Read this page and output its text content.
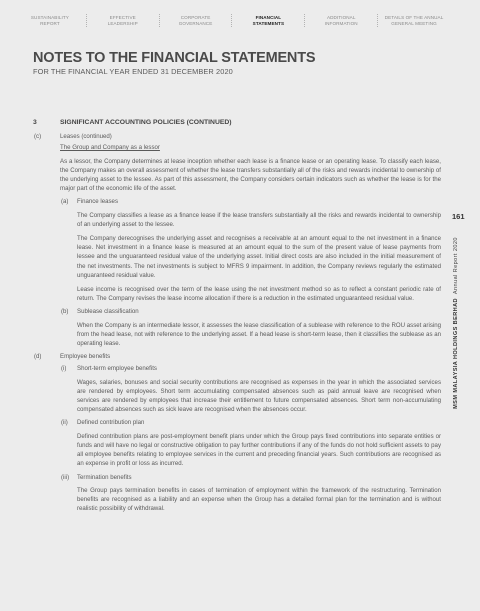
SUSTAINABILITY
REPORT
EFFECTIVE
LEADERSHIP
CORPORATE
GOVERNANCE
FINANCIAL
STATEMENTS
ADDITIONAL
INFORMATION
DETAILS OF THE ANNUAL
GENERAL MEETING
NOTES TO THE FINANCIAL STATEMENTS
FOR THE FINANCIAL YEAR ENDED 31 DECEMBER 2020
161
MSM MALAYSIA HOLDINGS BERHAD  Annual Report 2020
3	SIGNIFICANT ACCOUNTING POLICIES (CONTINUED)
(c)	Leases (continued)
The Group and Company as a lessor

As a lessor, the Company determines at lease inception whether each lease is a finance lease or an operating lease. To classify each lease, the Company makes an overall assessment of whether the lease transfers substantially all of the risks and rewards incidental to ownership of the underlying asset to the lessee. As part of this assessment, the Company considers certain indicators such as whether the lease is for the major part of the economic life of the asset.

(a) Finance leases

The Company classifies a lease as a finance lease if the lease transfers substantially all the risks and rewards incidental to ownership of an underlying asset to the lessee.

The Company derecognises the underlying asset and recognises a receivable at an amount equal to the net investment in a finance lease. Net investment in a finance lease is measured at an amount equal to the sum of the present value of lease payments from lessee and the unguaranteed residual value of the underlying asset. Initial direct costs are also included in the initial measurement of the net investments. The net investments is subject to MFRS 9 impairment. In addition, the Company reviews regularly the estimated unguaranteed residual value.

Lease income is recognised over the term of the lease using the net investment method so as to reflect a constant periodic rate of return. The Company revises the lease income allocation if there is a reduction in the estimated unguaranteed residual value.

(b) Sublease classification

When the Company is an intermediate lessor, it assesses the lease classification of a sublease with reference to the ROU asset arising from the head lease, not with reference to the underlying asset. If a head lease is short-term lease, then it classifies the sublease as an operating lease.

(d)	Employee benefits
(i) Short-term employee benefits

Wages, salaries, bonuses and social security contributions are recognised as expenses in the year in which the associated services are rendered by employees. Short term accumulating compensated absences such as paid annual leave are recognised when services are rendered by employees that increase their entitlement to future compensated absences. Short term non-accumulating compensated absences such as sick leave are recognised when the absences occur.

(ii) Defined contribution plan

Defined contribution plans are post-employment benefit plans under which the Group pays fixed contributions into separate entities or funds and will have no legal or constructive obligation to pay further contributions if any of the funds do not hold sufficient assets to pay all employee benefits relating to employee services in the current and preceding financial years. Such contributions are recognised as an expense in profit or loss as incurred.

(iii) Termination benefits

The Group pays termination benefits in cases of termination of employment within the framework of the restructuring. Termination benefits are recognised as a liability and an expense when the Group has a detailed formal plan for the termination and is without realistic possibility of withdrawal.
